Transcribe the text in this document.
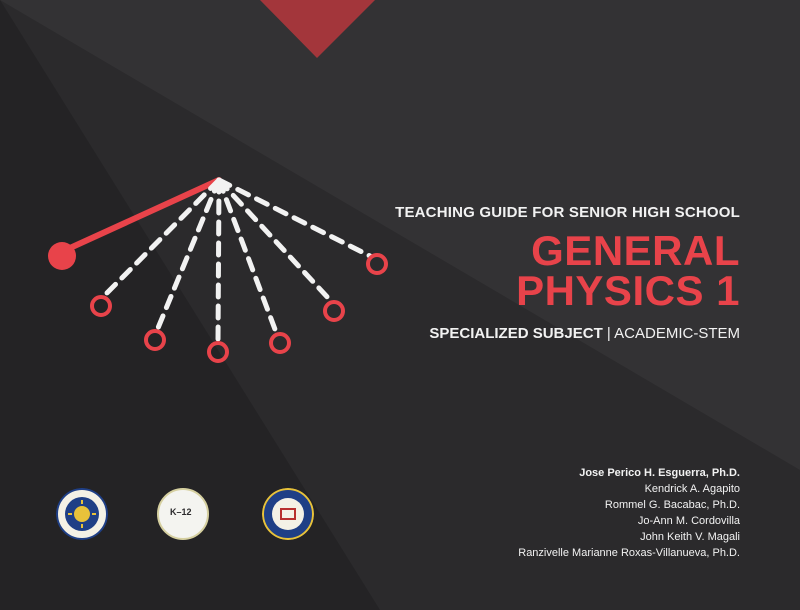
TEACHING GUIDE FOR SENIOR HIGH SCHOOL
GENERAL
PHYSICS 1
SPECIALIZED SUBJECT | ACADEMIC-STEM
Jose Perico H. Esguerra, Ph.D.
Kendrick A. Agapito
Rommel G. Bacabac, Ph.D.
Jo-Ann M. Cordovilla
John Keith V. Magali
Ranzivelle Marianne Roxas-Villanueva, Ph.D.
K–12
